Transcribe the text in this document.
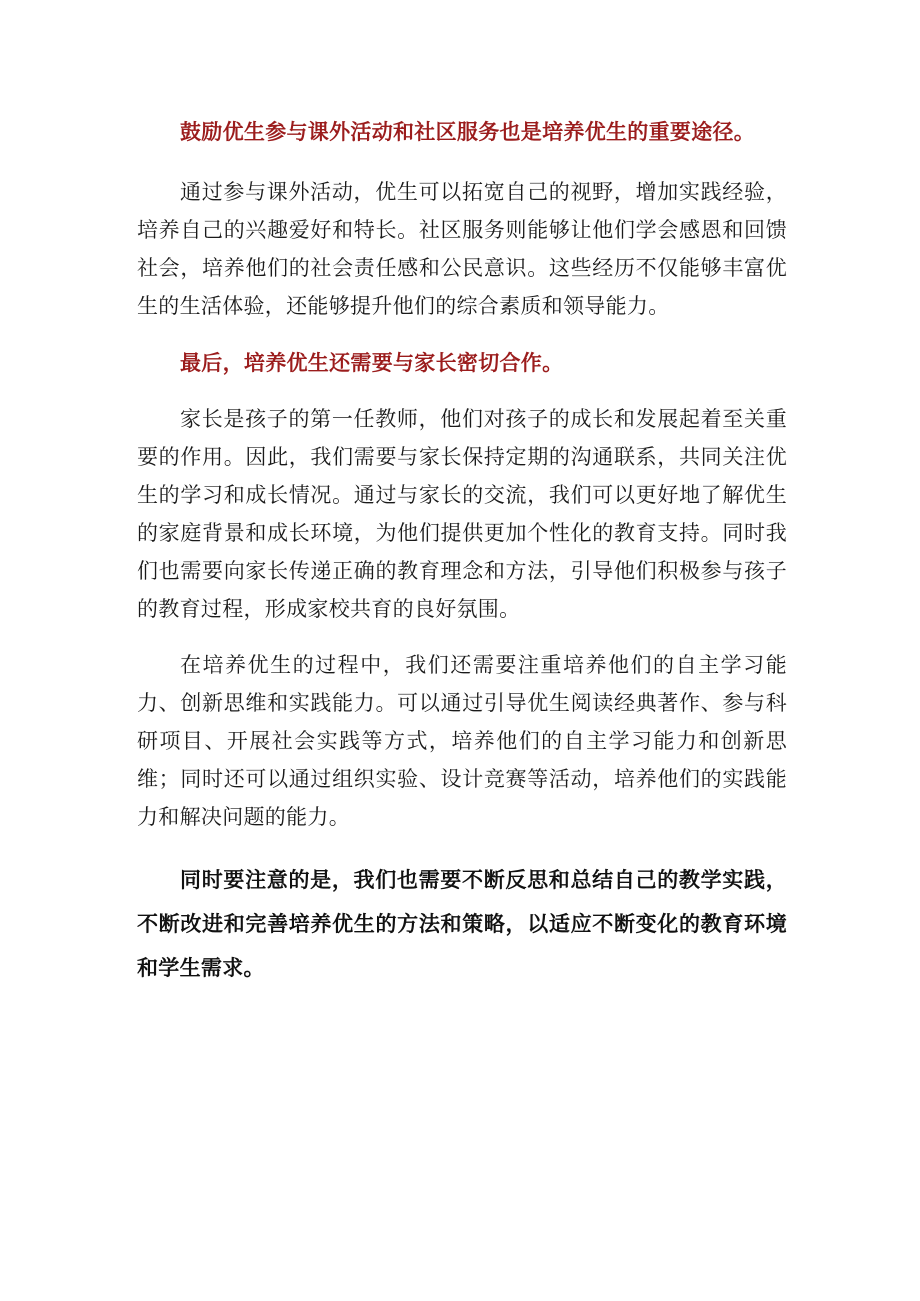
鼓励优生参与课外活动和社区服务也是培养优生的重要途径。

通过参与课外活动，优生可以拓宽自己的视野，增加实践经验，培养自己的兴趣爱好和特长。社区服务则能够让他们学会感恩和回馈社会，培养他们的社会责任感和公民意识。这些经历不仅能够丰富优生的生活体验，还能够提升他们的综合素质和领导能力。

最后，培养优生还需要与家长密切合作。

家长是孩子的第一任教师，他们对孩子的成长和发展起着至关重要的作用。因此，我们需要与家长保持定期的沟通联系，共同关注优生的学习和成长情况。通过与家长的交流，我们可以更好地了解优生的家庭背景和成长环境，为他们提供更加个性化的教育支持。同时我们也需要向家长传递正确的教育理念和方法，引导他们积极参与孩子的教育过程，形成家校共育的良好氛围。

在培养优生的过程中，我们还需要注重培养他们的自主学习能力、创新思维和实践能力。可以通过引导优生阅读经典著作、参与科研项目、开展社会实践等方式，培养他们的自主学习能力和创新思维；同时还可以通过组织实验、设计竞赛等活动，培养他们的实践能力和解决问题的能力。

同时要注意的是，我们也需要不断反思和总结自己的教学实践，不断改进和完善培养优生的方法和策略，以适应不断变化的教育环境和学生需求。
